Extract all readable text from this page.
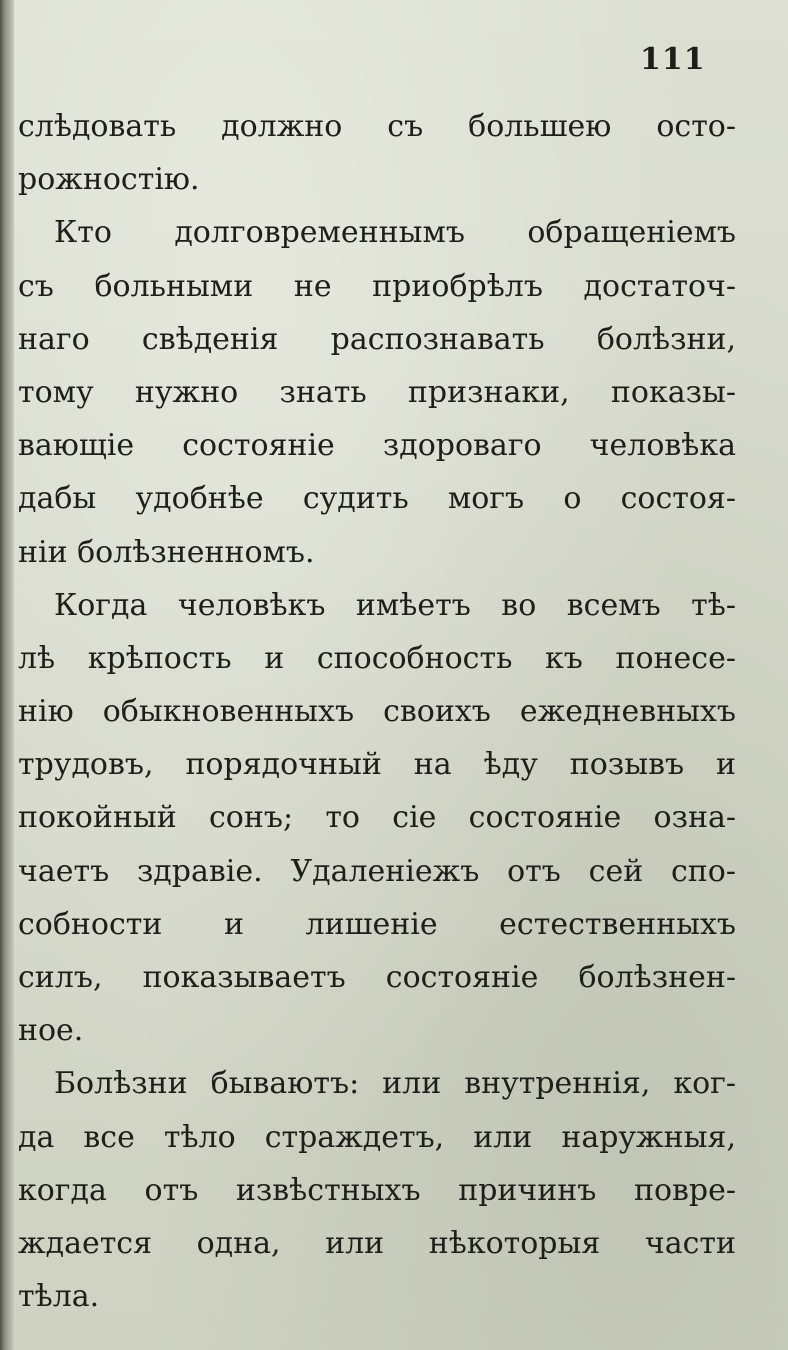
111

слѣдовать должно съ большею осто-
рожностію.

Кто долговременнымъ обращеніемъ
съ больными не приобрѣлъ достаточ-
наго свѣденія распознавать болѣзни,
тому нужно знать признаки, показы-
вающіе состояніе здороваго человѣка
дабы удобнѣе судить могъ о состоя-
ніи болѣзненномъ.

Когда человѣкъ имѣетъ во всемъ тѣ-
лѣ крѣпость и способность къ понесе-
нію обыкновенныхъ своихъ ежедневныхъ
трудовъ, порядочный на ѣду позывъ и
покойный сонъ; то сіе состояніе озна-
чаетъ здравіе. Удаленіежъ отъ сей спо-
собности и лишеніе естественныхъ
силъ, показываетъ состояніе болѣзнен-
ное.

Болѣзни бываютъ: или внутреннія, ког-
да все тѣло страждетъ, или наружныя,
когда отъ извѣстныхъ причинъ повре-
ждается одна, или нѣкоторыя части
тѣла.
